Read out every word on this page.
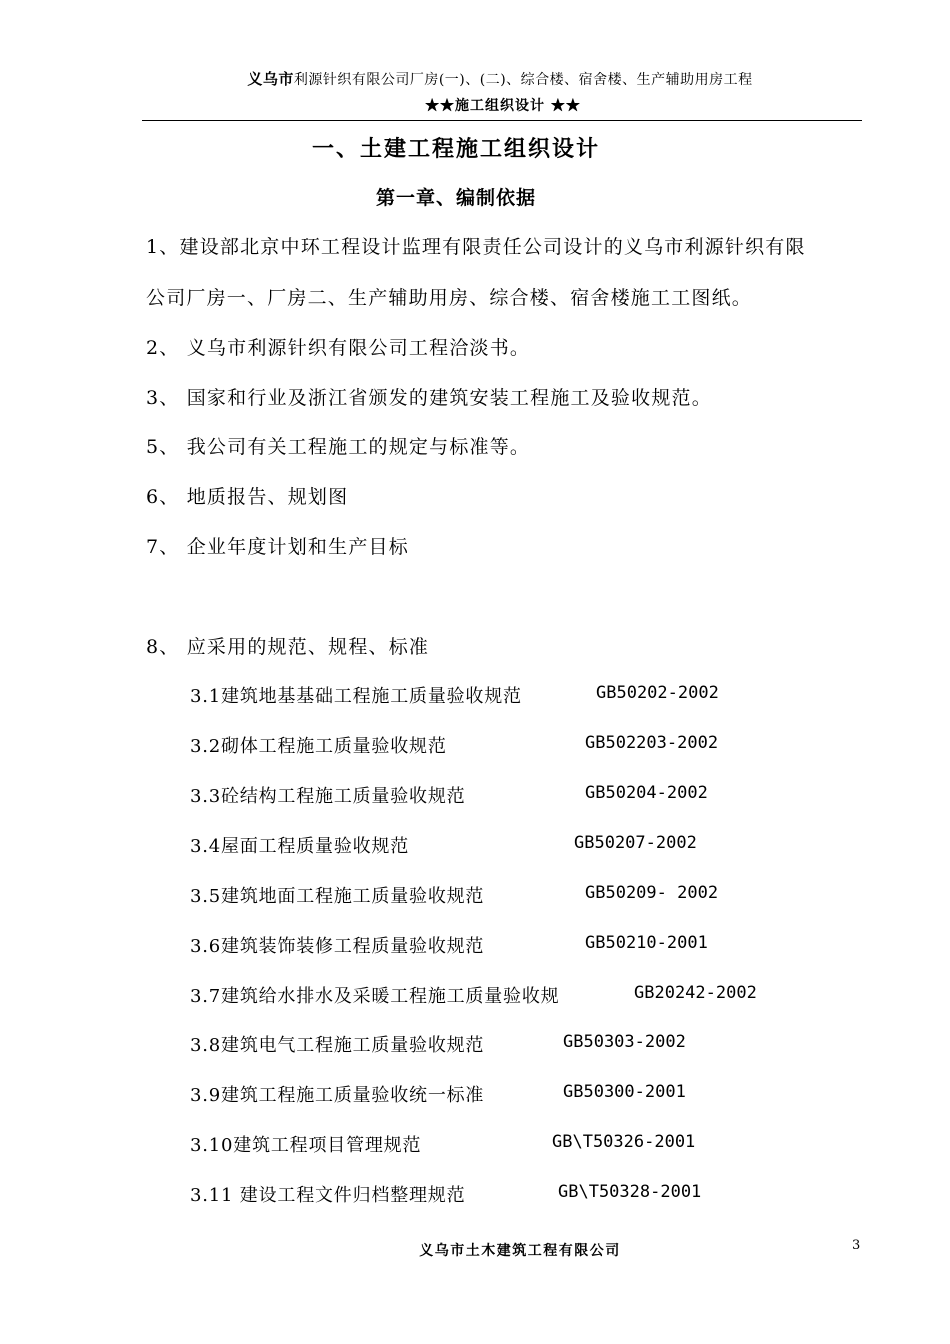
义乌市利源针织有限公司厂房(一)、(二)、综合楼、宿舍楼、生产辅助用房工程
★★施工组织设计 ★★
一、土建工程施工组织设计
第一章、编制依据
1、建设部北京中环工程设计监理有限责任公司设计的义乌市利源针织有限
公司厂房一、厂房二、生产辅助用房、综合楼、宿舍楼施工工图纸。
2、 义乌市利源针织有限公司工程洽淡书。
3、 国家和行业及浙江省颁发的建筑安装工程施工及验收规范。
5、 我公司有关工程施工的规定与标准等。
6、 地质报告、规划图
7、 企业年度计划和生产目标
8、 应采用的规范、规程、标准
3.1建筑地基基础工程施工质量验收规范	GB50202-2002
3.2砌体工程施工质量验收规范	GB502203-2002
3.3砼结构工程施工质量验收规范	GB50204-2002
3.4屋面工程质量验收规范	GB50207-2002
3.5建筑地面工程施工质量验收规范	GB50209- 2002
3.6建筑装饰装修工程质量验收规范	GB50210-2001
3.7建筑给水排水及采暖工程施工质量验收规	GB20242-2002
3.8建筑电气工程施工质量验收规范	GB50303-2002
3.9建筑工程施工质量验收统一标准	GB50300-2001
3.10建筑工程项目管理规范	GB\T50326-2001
3.11 建设工程文件归档整理规范	GB\T50328-2001
义乌市土木建筑工程有限公司	3
